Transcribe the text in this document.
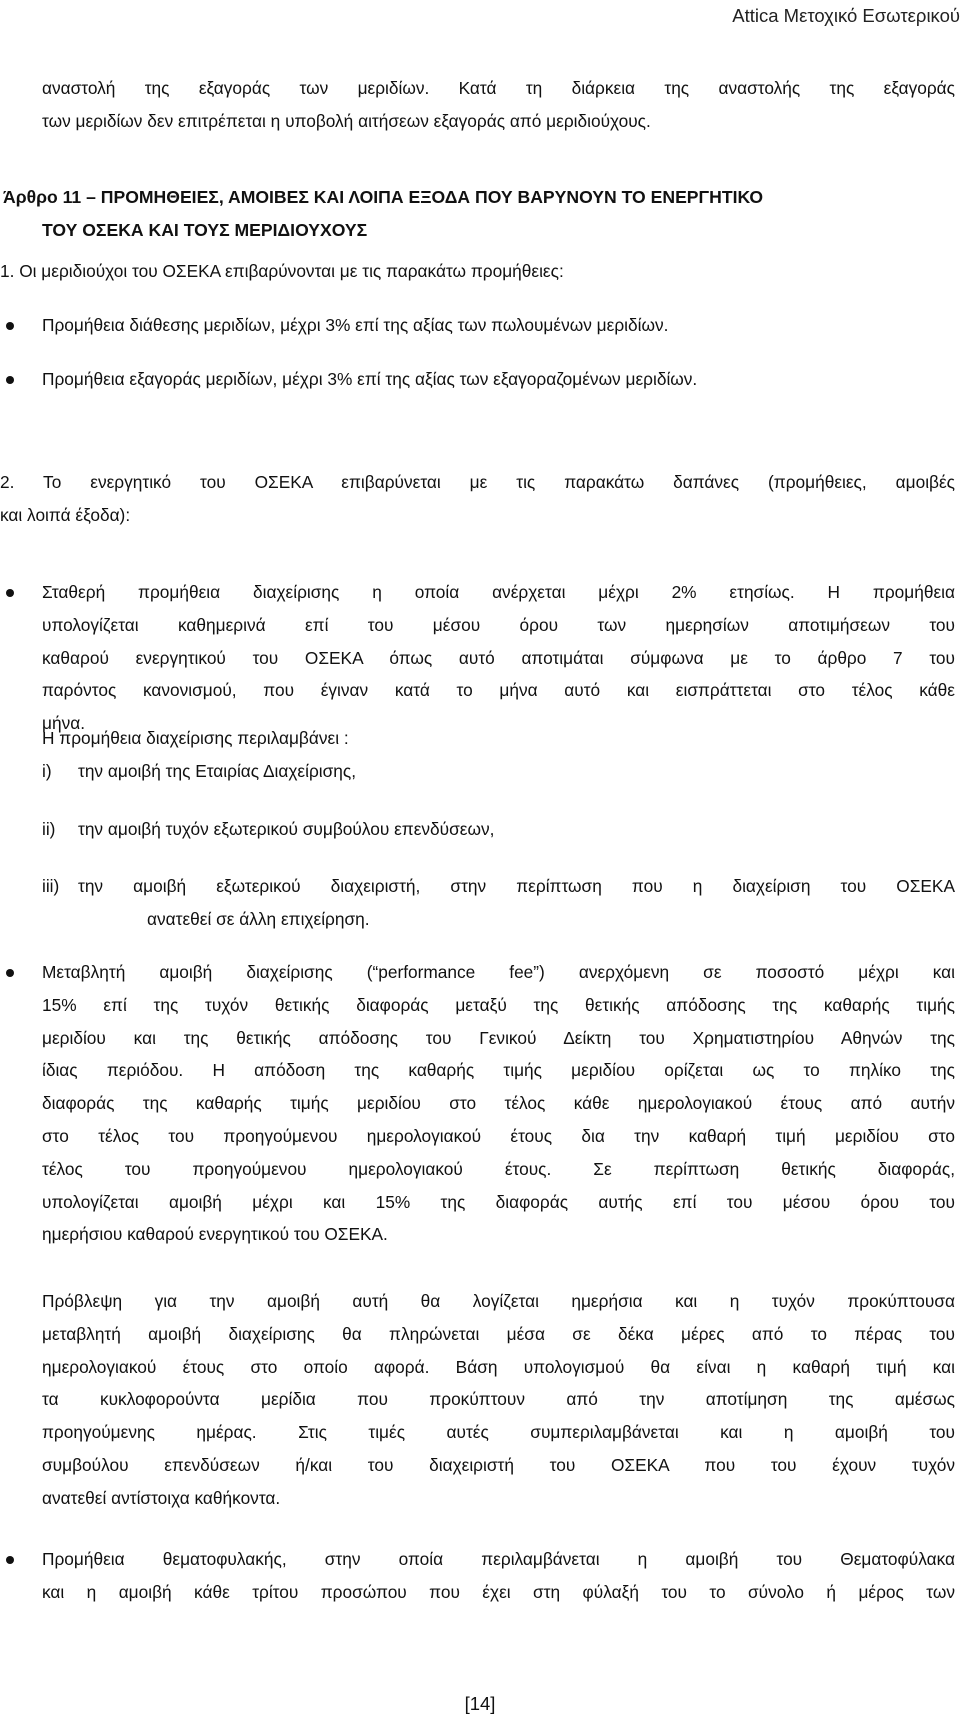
Attica Μετοχικό Εσωτερικού
αναστολή της εξαγοράς των μεριδίων. Κατά τη διάρκεια της αναστολής της εξαγοράς
των μεριδίων δεν επιτρέπεται η υποβολή αιτήσεων εξαγοράς από μεριδιούχους.
Άρθρο 11 – ΠΡΟΜΗΘΕΙΕΣ, ΑΜΟΙΒΕΣ ΚΑΙ ΛΟΙΠΑ ΕΞΟΔΑ ΠΟΥ ΒΑΡΥΝΟΥΝ ΤΟ ΕΝΕΡΓΗΤΙΚΟ
ΤΟΥ ΟΣΕΚΑ ΚΑΙ ΤΟΥΣ ΜΕΡΙΔΙΟΥΧΟΥΣ
1. Οι μεριδιούχοι του ΟΣΕΚΑ επιβαρύνονται με τις παρακάτω προμήθειες:
Προμήθεια διάθεσης μεριδίων, μέχρι 3% επί της αξίας των πωλουμένων μεριδίων.
Προμήθεια εξαγοράς μεριδίων, μέχρι 3% επί της αξίας των εξαγοραζομένων μεριδίων.
2. Το ενεργητικό του ΟΣΕΚΑ επιβαρύνεται με τις παρακάτω δαπάνες (προμήθειες, αμοιβές
και λοιπά έξοδα):
Σταθερή προμήθεια διαχείρισης η οποία ανέρχεται μέχρι 2% ετησίως. Η προμήθεια
υπολογίζεται καθημερινά επί του μέσου όρου των ημερησίων αποτιμήσεων του
καθαρού ενεργητικού του ΟΣΕΚΑ όπως αυτό αποτιμάται σύμφωνα με το άρθρο 7 του
παρόντος κανονισμού, που έγιναν κατά το μήνα αυτό και εισπράττεται στο τέλος κάθε
μήνα.
Η προμήθεια διαχείρισης περιλαμβάνει :
i) την αμοιβή της Εταιρίας Διαχείρισης,
ii) την αμοιβή τυχόν εξωτερικού συμβούλου επενδύσεων,
iii) την αμοιβή εξωτερικού διαχειριστή, στην περίπτωση που η διαχείριση του ΟΣΕΚΑ
ανατεθεί σε άλλη επιχείρηση.
Μεταβλητή αμοιβή διαχείρισης (“performance fee”) ανερχόμενη σε ποσοστό μέχρι και
15% επί της τυχόν θετικής διαφοράς μεταξύ της θετικής απόδοσης της καθαρής τιμής
μεριδίου και της θετικής απόδοσης του Γενικού Δείκτη του Χρηματιστηρίου Αθηνών της
ίδιας περιόδου. Η απόδοση της καθαρής τιμής μεριδίου ορίζεται ως το πηλίκο της
διαφοράς της καθαρής τιμής μεριδίου στο τέλος κάθε ημερολογιακού έτους από αυτήν
στο τέλος του προηγούμενου ημερολογιακού έτους δια την καθαρή τιμή μεριδίου στο
τέλος του προηγούμενου ημερολογιακού έτους. Σε περίπτωση θετικής διαφοράς,
υπολογίζεται αμοιβή μέχρι και 15% της διαφοράς αυτής επί του μέσου όρου του
ημερήσιου καθαρού ενεργητικού του ΟΣΕΚΑ.
Πρόβλεψη για την αμοιβή αυτή θα λογίζεται ημερήσια και η τυχόν προκύπτουσα
μεταβλητή αμοιβή διαχείρισης θα πληρώνεται μέσα σε δέκα μέρες από το πέρας του
ημερολογιακού έτους στο οποίο αφορά. Βάση υπολογισμού θα είναι η καθαρή τιμή και
τα κυκλοφορούντα μερίδια που προκύπτουν από την αποτίμηση της αμέσως
προηγούμενης ημέρας. Στις τιμές αυτές συμπεριλαμβάνεται και η αμοιβή του
συμβούλου επενδύσεων ή/και του διαχειριστή του ΟΣΕΚΑ που του έχουν τυχόν
ανατεθεί αντίστοιχα καθήκοντα.
Προμήθεια θεματοφυλακής, στην οποία περιλαμβάνεται η αμοιβή του Θεματοφύλακα
και η αμοιβή κάθε τρίτου προσώπου που έχει στη φύλαξή του το σύνολο ή μέρος των
[14]
